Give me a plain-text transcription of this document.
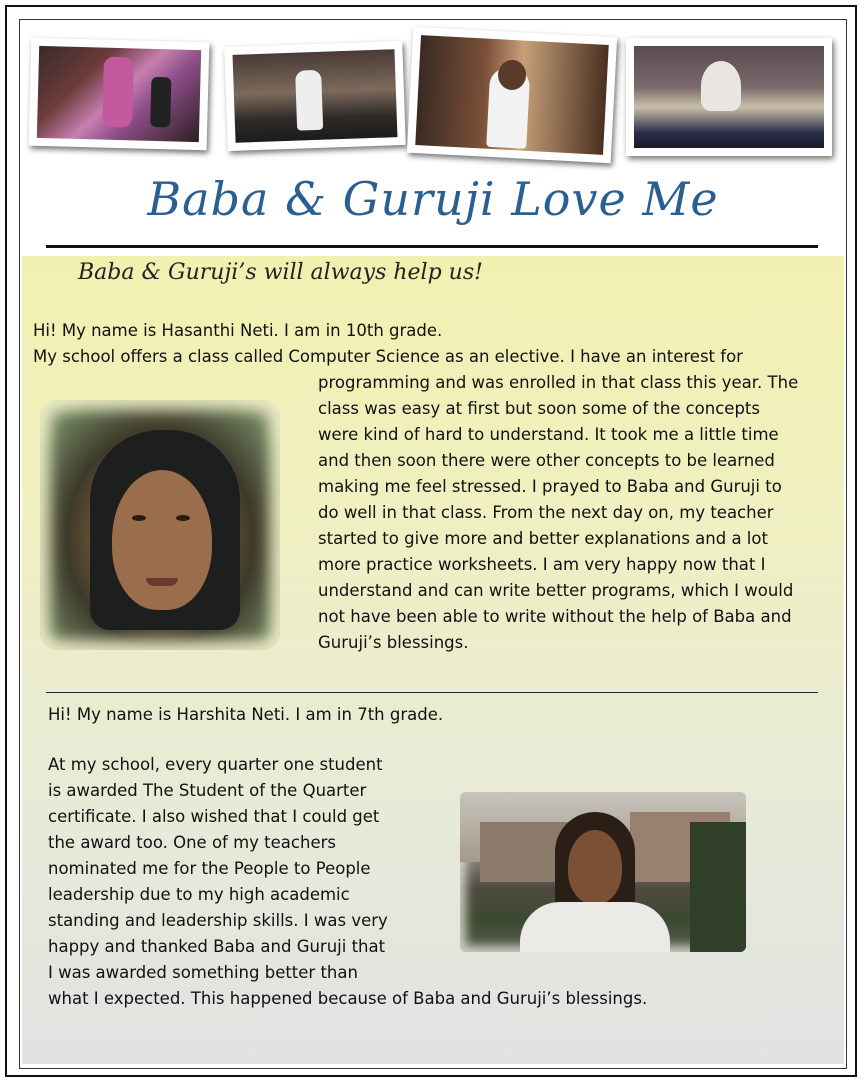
Baba & Guruji Love Me
Baba & Guruji’s will always help us!
Hi! My name is Hasanthi Neti. I am in 10th grade.
My school offers a class called Computer Science as an elective. I have an interest for
programming and was enrolled in that class this year. The
class was easy at first but soon some of the concepts
were kind of hard to understand. It took me a little time
and then soon there were other concepts to be learned
making me feel stressed. I prayed to Baba and Guruji to
do well in that class. From the next day on, my teacher
started to give more and better explanations and a lot
more practice worksheets. I am very happy now that I
understand and can write better programs, which I would
not have been able to write without the help of Baba and
Guruji’s blessings.
Hi! My name is Harshita Neti. I am in 7th grade.
At my school, every quarter one student
is awarded The Student of the Quarter
certificate. I also wished that I could get
the award too. One of my teachers
nominated me for the People to People
leadership due to my high academic
standing and leadership skills. I was very
happy and thanked Baba and Guruji that
I was awarded something better than
what I expected. This happened because of Baba and Guruji’s blessings.
